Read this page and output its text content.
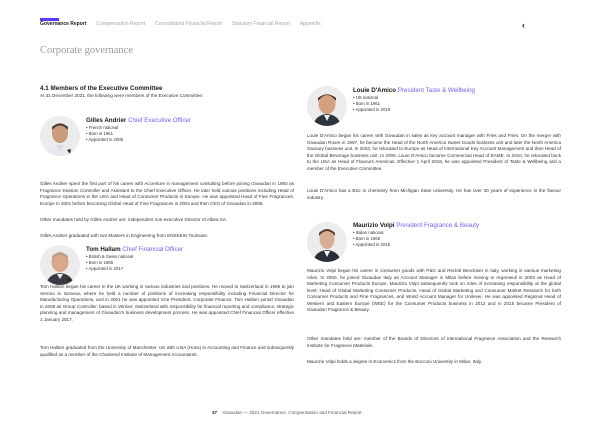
Governance Report Compensation Report Consolidated Financial Report Statutory Financial Report Appendix	‹
Corporate governance
4.1 Members of the Executive Committee
At 31 December 2021, the following were members of the Executive Committee:
Gilles Andrier Chief Executive Officer
• French national
• Born in 1961
• Appointed in 2005
Gilles Andrier spent the first part of his career with Accenture in management consulting before joining Givaudan in 1993 as Fragrance Division Controller and Assistant to the Chief Executive Officer. He later held various positions including Head of Fragrance Operations in the USA and Head of Consumer Products in Europe. He was appointed Head of Fine Fragrances, Europe in 2001 before becoming Global Head of Fine Fragrances in 2003 and then CEO of Givaudan in 2005.
Other mandates held by Gilles Andrier are: independent non-executive Director of Albea SA.
Gilles Andrier graduated with two Masters in Engineering from ENSEEIH Toulouse.
Tom Hallam Chief Financial Officer
• British & Swiss national
• Born in 1966
• Appointed in 2017
Tom Hallam began his career in the UK working in various industries and positions. He moved to Switzerland in 1996 to join Serono in Geneva, where he held a number of positions of increasing responsibility including Financial Director for Manufacturing Operations, and in 2001 he was appointed Vice President, Corporate Finance. Tom Hallam joined Givaudan in 2008 as Group Controller, based in Vernier, Switzerland with responsibility for financial reporting and compliance, strategic planning and management of Givaudan's business development process. He was appointed Chief Financial Officer effective 1 January 2017.
Tom Hallam graduated from the University of Manchester, UK with a BA (Hons) in Accounting and Finance and subsequently qualified as a member of the Chartered Institute of Management Accountants.
Louie D'Amico President Taste & Wellbeing
• US national
• Born in 1961
• Appointed in 2018
Louie D'Amico began his career with Givaudan in sales as key account manager with Fries and Fries. On the merger with Givaudan Roure in 1997, he became the Head of the North America Sweet Goods business unit and later the North America Savoury business unit. In 2003, he relocated to Europe as Head of International Key Account Management and then Head of the Global Beverage business unit. In 2006, Louie D'Amico became Commercial Head of EAME. In 2010, he relocated back to the USA as Head of Flavours Americas. Effective 1 April 2018, he was appointed President of Taste & Wellbeing and a member of the Executive Committee.
Louie D'Amico has a BSc in chemistry from Michigan State University. He has over 30 years of experience in the flavour industry.
Maurizio Volpi President Fragrance & Beauty
• Italian national
• Born in 1969
• Appointed in 2015
Maurizio Volpi began his career in consumer goods with P&G and Reckitt Benckiser in Italy, working in various marketing roles. In 2000, he joined Givaudan Italy as Account Manager in Milan before moving to Argenteuil in 2003 as Head of Marketing Consumer Products Europe. Maurizio Volpi subsequently took on roles of increasing responsibility at the global level: Head of Global Marketing Consumer Products, Head of Global Marketing and Consumer Market Research for both Consumer Products and Fine Fragrances, and World Account Manager for Unilever. He was appointed Regional Head of Western and Eastern Europe (WEE) for the Consumer Products business in 2012 and in 2015 became President of Givaudan Fragrance & Beauty.
Other mandates held are: member of the Boards of Directors of International Fragrance Association and the Research Institute for Fragrance Materials.
Maurizio Volpi holds a degree in Economics from the Bocconi University in Milan, Italy.
37 Givaudan — 2021 Governance, Compensation and Financial Report
